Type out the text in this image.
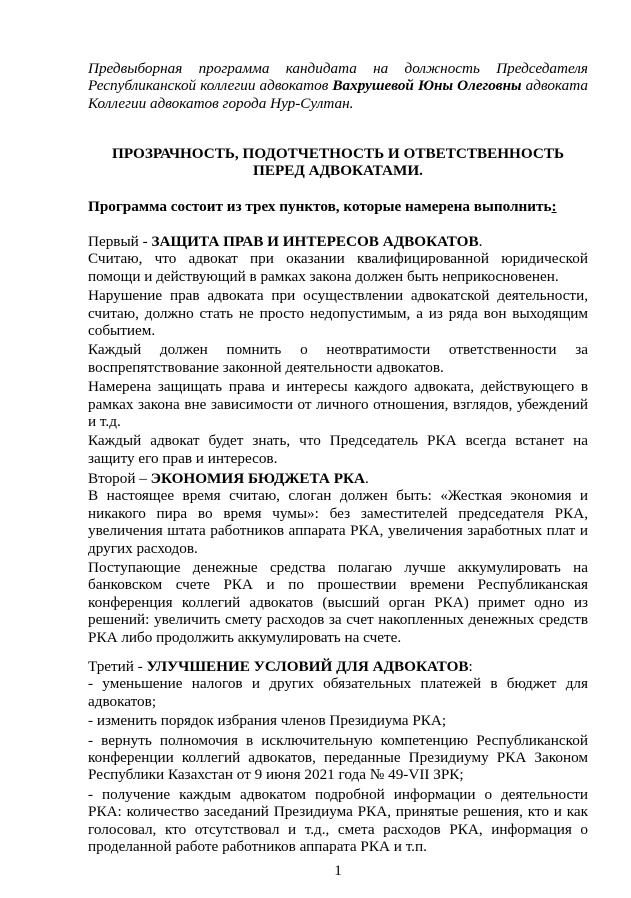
Предвыборная программа кандидата на должность Председателя Республиканской коллегии адвокатов Вахрушевой Юны Олеговны адвоката Коллегии адвокатов города Нур-Султан.

ПРОЗРАЧНОСТЬ, ПОДОТЧЕТНОСТЬ И ОТВЕТСТВЕННОСТЬ
ПЕРЕД АДВОКАТАМИ.
Программа состоит из трех пунктов, которые намерена выполнить:
Первый - ЗАЩИТА ПРАВ И ИНТЕРЕСОВ АДВОКАТОВ.

Считаю, что адвокат при оказании квалифицированной юридической помощи и действующий в рамках закона должен быть неприкосновенен.

Нарушение прав адвоката при осуществлении адвокатской деятельности, считаю, должно стать не просто недопустимым, а из ряда вон выходящим событием.

Каждый должен помнить о неотвратимости ответственности за воспрепятствование законной деятельности адвокатов.

Намерена защищать права и интересы каждого адвоката, действующего в рамках закона вне зависимости от личного отношения, взглядов, убеждений и т.д.

Каждый адвокат будет знать, что Председатель РКА всегда встанет на защиту его прав и интересов.

Второй – ЭКОНОМИЯ БЮДЖЕТА РКА.

В настоящее время считаю, слоган должен быть: «Жесткая экономия и никакого пира во время чумы»: без заместителей председателя РКА, увеличения штата работников аппарата РКА, увеличения заработных плат и других расходов.

Поступающие денежные средства полагаю лучше аккумулировать на банковском счете РКА и по прошествии времени Республиканская конференция коллегий адвокатов (высший орган РКА) примет одно из решений: увеличить смету расходов за счет накопленных денежных средств РКА либо продолжить аккумулировать на счете.

Третий - УЛУЧШЕНИЕ УСЛОВИЙ ДЛЯ АДВОКАТОВ:

- уменьшение налогов и других обязательных платежей в бюджет для адвокатов;

- изменить порядок избрания членов Президиума РКА;

- вернуть полномочия в исключительную компетенцию Республиканской конференции коллегий адвокатов, переданные Президиуму РКА Законом Республики Казахстан от 9 июня 2021 года № 49-VII ЗРК;

- получение каждым адвокатом подробной информации о деятельности РКА: количество заседаний Президиума РКА, принятые решения, кто и как голосовал, кто отсутствовал и т.д., смета расходов РКА, информация о проделанной работе работников аппарата РКА и т.п.

1
